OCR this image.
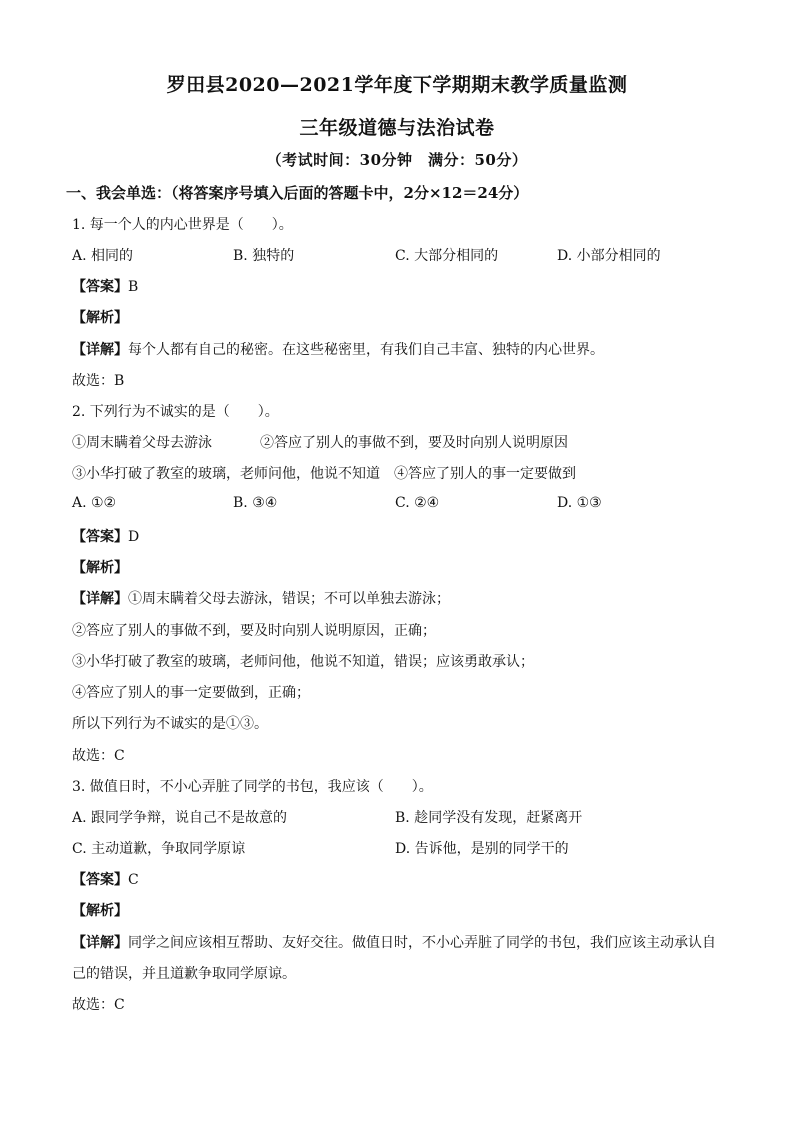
罗田县2020—2021学年度下学期期末教学质量监测
三年级道德与法治试卷
（考试时间：30分钟　满分：50分）
一、我会单选：（将答案序号填入后面的答题卡中，2分×12＝24分）
1. 每一个人的内心世界是（　　）。
A. 相同的	B. 独特的	C. 大部分相同的	D. 小部分相同的
【答案】B
【解析】
【详解】每个人都有自己的秘密。在这些秘密里，有我们自己丰富、独特的内心世界。
故选：B
2. 下列行为不诚实的是（　　）。
①周末瞒着父母去游泳	②答应了别人的事做不到，要及时向别人说明原因
③小华打破了教室的玻璃，老师问他，他说不知道 ④答应了别人的事一定要做到
A. ①②	B. ③④	C. ②④	D. ①③
【答案】D
【解析】
【详解】①周末瞒着父母去游泳，错误；不可以单独去游泳；
②答应了别人的事做不到，要及时向别人说明原因，正确；
③小华打破了教室的玻璃，老师问他，他说不知道，错误；应该勇敢承认；
④答应了别人的事一定要做到，正确；
所以下列行为不诚实的是①③。
故选：C
3. 做值日时，不小心弄脏了同学的书包，我应该（　　）。
A. 跟同学争辩，说自己不是故意的	B. 趁同学没有发现，赶紧离开
C. 主动道歉，争取同学原谅	D. 告诉他，是别的同学干的
【答案】C
【解析】
【详解】同学之间应该相互帮助、友好交往。做值日时，不小心弄脏了同学的书包，我们应该主动承认自
己的错误，并且道歉争取同学原谅。
故选：C
